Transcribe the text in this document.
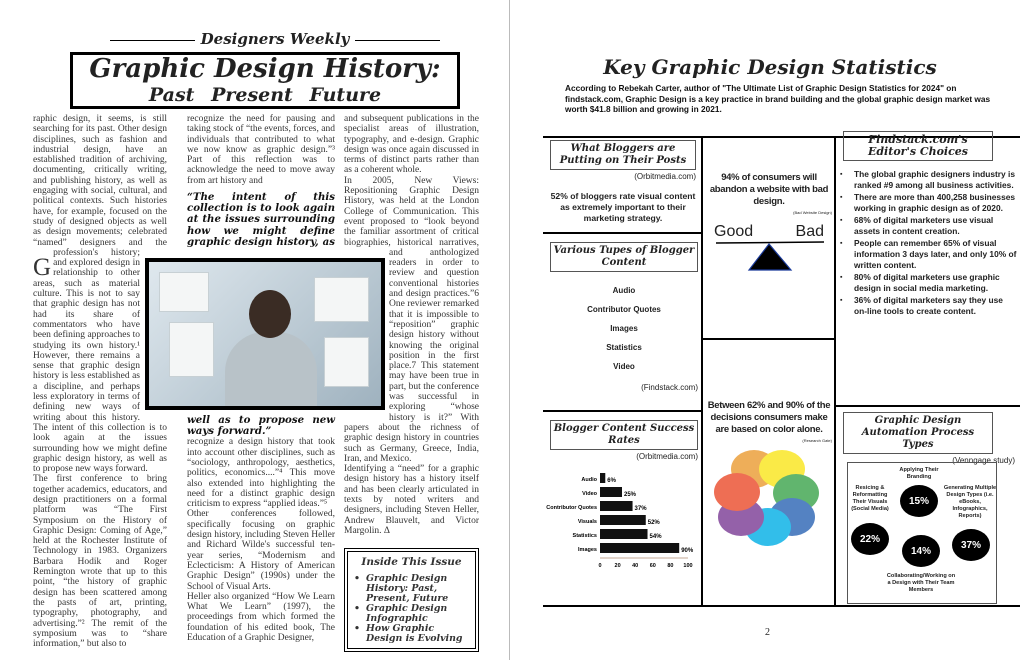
Designers Weekly
Graphic Design History:
Past Present Future

G
raphic design, it seems, is still searching for its past. Other design disciplines, such as fashion and industrial design, have an established tradition of archiving, documenting, critically writing, and publishing history, as well as engaging with social, cultural, and political contexts. Such histories have, for example, focused on the study of designed objects as well as design movements; celebrated “named” designers and the profession's history; and explored design in relationship to other areas, such as material culture. This is not to say that graphic design has not had its share of commentators who have been defining approaches to studying its own history.¹ However, there remains a sense that graphic design history is less established as a discipline, and perhaps less exploratory in terms of defining new ways of writing about this history. The intent of this collection is to look again at the issues surrounding how we might define graphic design history, as well as to propose new ways forward.

The first conference to bring together academics, educators, and design practitioners on a formal platform was “The First Symposium on the History of Graphic Design: Coming of Age,” held at the Rochester Institute of Technology in 1983. Organizers Barbara Hodik and Roger Remington wrote that up to this point, “the history of graphic design has been scattered among the pasts of art, printing, typography, photography, and advertising.”² The remit of the symposium was to “share information,” but also to

recognize the need for pausing and taking stock of “the events, forces, and individuals that contributed to what we now know as graphic design.”³ Part of this reflection was to acknowledge the need to move away from art history and

“The intent of this collection is to look again at the issues surrounding how we might define graphic design history, as well as to propose new ways forward.”

recognize a design history that took into account other disciplines, such as “sociology, anthropology, aesthetics, politics, economics....”⁴ This move also extended into highlighting the need for a distinct graphic design criticism to express “applied ideas.”⁵

Other conferences followed, specifically focusing on graphic design history, including Steven Heller and Richard Wilde's successful ten-year series, “Modernism and Eclecticism: A History of American Graphic Design” (1990s) under the School of Visual Arts.

Heller also organized “How We Learn What We Learn” (1997), the proceedings from which formed the foundation of his edited book, The Education of a Graphic Designer,

and subsequent publications in the specialist areas of illustration, typography, and e-design. Graphic design was once again discussed in terms of distinct parts rather than as a coherent whole.

In 2005, New Views: Repositioning Graphic Design History, was held at the London College of Communication. This event proposed to “look beyond the familiar assortment of critical biographies, historical narratives, and anthologized readers in order to review and question conventional histories and design practices.”6 One reviewer remarked that it is impossible to “reposition” graphic design history without knowing the original position in the first place.7 This statement may have been true in part, but the conference was successful in exploring “whose history is it?” With papers about the richness of graphic design history in countries such as Germany, Greece, India, Iran, and Mexico.

Identifying a “need” for a graphic design history has a history itself and has been clearly articulated in texts by noted writers and designers, including Steven Heller, Andrew Blauvelt, and Victor Margolin. Δ

Inside This Issue
• Graphic Design History: Past, Present, Future
• Graphic Design Infographic
• How Graphic Design is Evolving
Key Graphic Design Statistics
According to Rebekah Carter, author of "The Ultimate List of Graphic Design Statistics for 2024" on findstack.com, Graphic Design is a key practice in brand building and the global graphic design market was worth $41.8 billion and growing in 2021.
What Bloggers are Putting on Their Posts
(Orbitmedia.com)
52% of bloggers rate visual content as extremely important to their marketing strategy.
Various Tupes of Blogger Content
Audio
Contributor Quotes
Images
Statistics
Video
(Findstack.com)
94% of consumers will abandon a website with bad design.
(Bad Website Design)
Good	Bad
Between 62% and 90% of the decisions consumers make are based on color alone.
(Research Gate)
Blogger Content Success Rates
(Orbitmedia.com)
Audio 6%
Video	25%
Contributor Quotes	37%
Visuals	52%
Statistics	54%
Images	90%
0 20 40 60 80 100
Findstack.com's Editor's Choices
▪ The global graphic designers industry is ranked #9 among all business activities.
▪ There are more than 400,258 businesses working in graphic design as of 2020.
▪ 68% of digital marketers use visual assets in content creation.
▪ People can remember 65% of visual information 3 days later, and only 10% of written content.
▪ 80% of digital marketers use graphic design in social media marketing.
▪ 36% of digital marketers say they use on-line tools to create content.
Graphic Design Automation Process Types
(Venngage study)
Applying Their Branding
15%
Resicing & Reformatting Their Visuals (Social Media)
22%
Generating Multiple Design Types (i.e. eBooks, Infographics, Reports)
37%
14%
Collaborating/Working on a Design with Their Team Members
2
